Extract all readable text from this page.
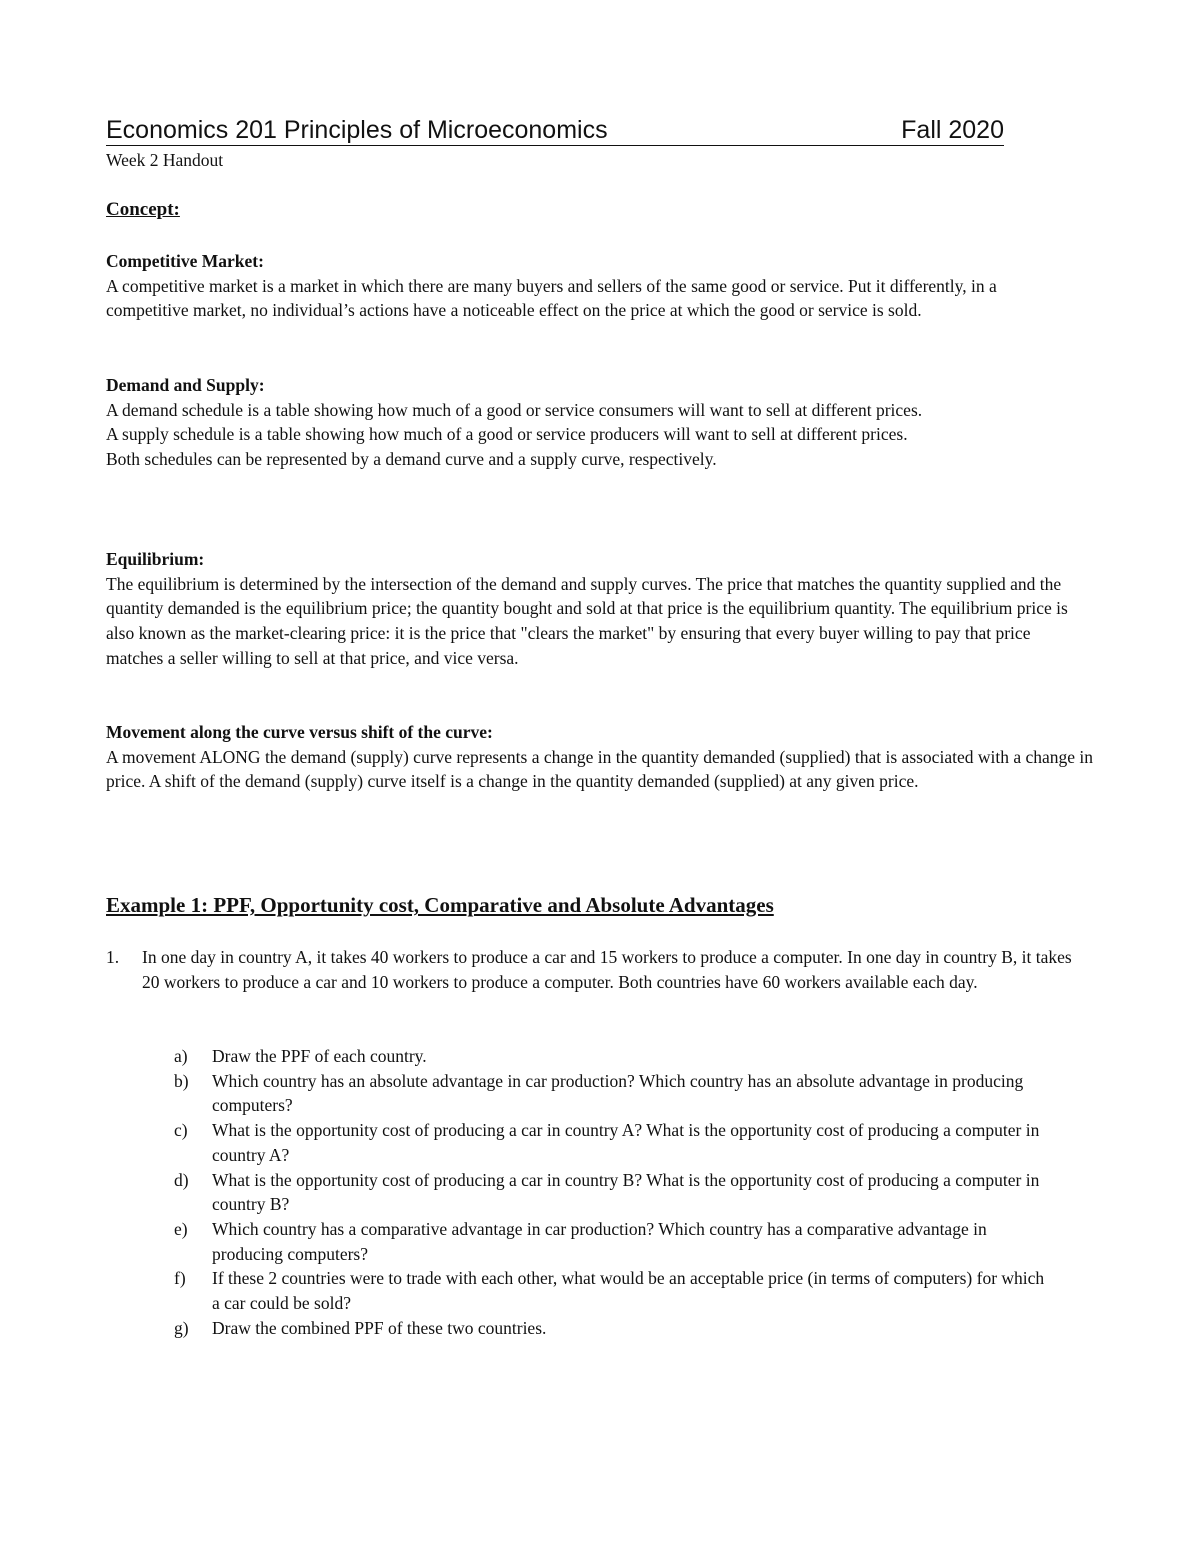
Economics 201 Principles of Microeconomics	Fall 2020
Week 2 Handout
Concept:
Competitive Market:

A competitive market is a market in which there are many buyers and sellers of the same good or service. Put it differently, in a competitive market, no individual’s actions have a noticeable effect on the price at which the good or service is sold.

Demand and Supply:

A demand schedule is a table showing how much of a good or service consumers will want to sell at different prices.

A supply schedule is a table showing how much of a good or service producers will want to sell at different prices.

Both schedules can be represented by a demand curve and a supply curve, respectively.

Equilibrium:

The equilibrium is determined by the intersection of the demand and supply curves. The price that matches the quantity supplied and the quantity demanded is the equilibrium price; the quantity bought and sold at that price is the equilibrium quantity. The equilibrium price is also known as the market-clearing price: it is the price that "clears the market" by ensuring that every buyer willing to pay that price matches a seller willing to sell at that price, and vice versa.

Movement along the curve versus shift of the curve:

A movement ALONG the demand (supply) curve represents a change in the quantity demanded (supplied) that is associated with a change in price. A shift of the demand (supply) curve itself is a change in the quantity demanded (supplied) at any given price.

Example 1: PPF, Opportunity cost, Comparative and Absolute Advantages
1. In one day in country A, it takes 40 workers to produce a car and 15 workers to produce a computer. In one day in country B, it takes 20 workers to produce a car and 10 workers to produce a computer. Both countries have 60 workers available each day.

a) Draw the PPF of each country.

b) Which country has an absolute advantage in car production? Which country has an absolute advantage in producing computers?

c) What is the opportunity cost of producing a car in country A? What is the opportunity cost of producing a computer in country A?

d) What is the opportunity cost of producing a car in country B? What is the opportunity cost of producing a computer in country B?

e) Which country has a comparative advantage in car production? Which country has a comparative advantage in producing computers?

f) If these 2 countries were to trade with each other, what would be an acceptable price (in terms of computers) for which a car could be sold?

g) Draw the combined PPF of these two countries.
